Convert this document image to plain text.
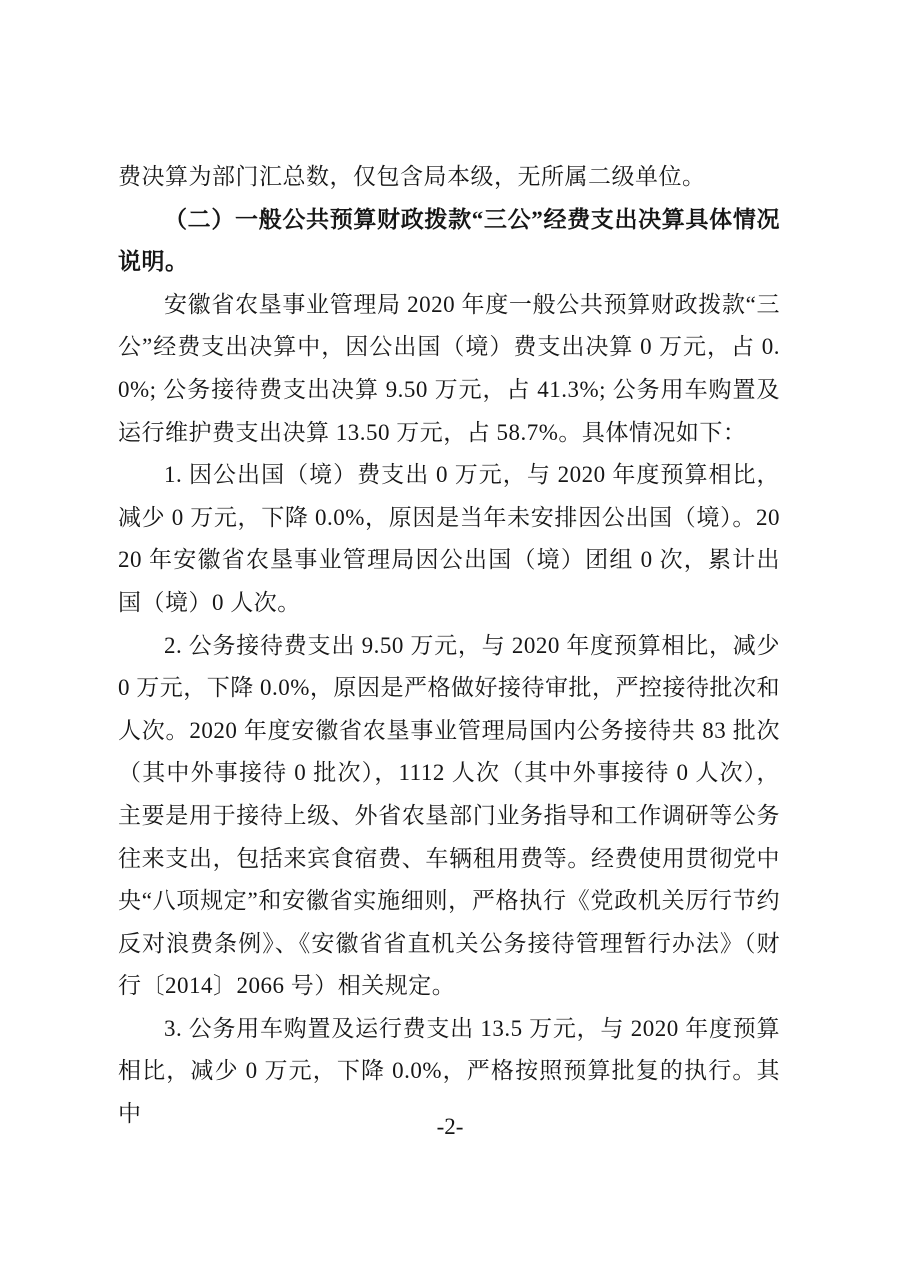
费决算为部门汇总数，仅包含局本级，无所属二级单位。

（二）一般公共预算财政拨款“三公”经费支出决算具体情况说明。

安徽省农垦事业管理局 2020 年度一般公共预算财政拨款“三公”经费支出决算中，因公出国（境）费支出决算 0 万元，占 0.0%; 公务接待费支出决算 9.50 万元，占 41.3%; 公务用车购置及运行维护费支出决算 13.50 万元，占 58.7%。具体情况如下：

1. 因公出国（境）费支出 0 万元，与 2020 年度预算相比，减少 0 万元，下降 0.0%，原因是当年未安排因公出国（境）。2020 年安徽省农垦事业管理局因公出国（境）团组 0 次，累计出国（境）0 人次。

2. 公务接待费支出 9.50 万元，与 2020 年度预算相比，减少 0 万元，下降 0.0%，原因是严格做好接待审批，严控接待批次和人次。2020 年度安徽省农垦事业管理局国内公务接待共 83 批次（其中外事接待 0 批次），1112 人次（其中外事接待 0 人次），主要是用于接待上级、外省农垦部门业务指导和工作调研等公务往来支出，包括来宾食宿费、车辆租用费等。经费使用贯彻党中央“八项规定”和安徽省实施细则，严格执行《党政机关厉行节约反对浪费条例》、《安徽省省直机关公务接待管理暂行办法》（财行〔2014〕2066 号）相关规定。

3. 公务用车购置及运行费支出 13.5 万元，与 2020 年度预算相比，减少 0 万元，下降 0.0%，严格按照预算批复的执行。其中

-2-
